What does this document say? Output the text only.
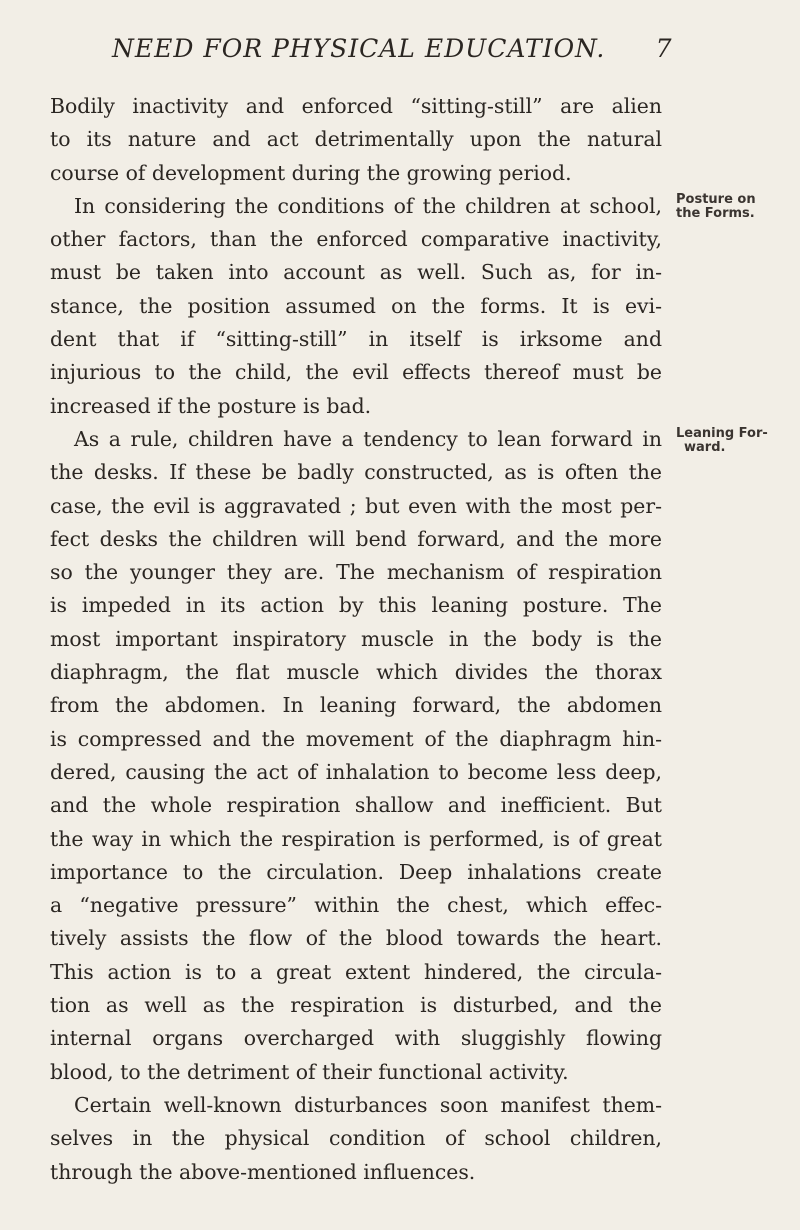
NEED FOR PHYSICAL EDUCATION. 7
Bodily inactivity and enforced “sitting-still” are alien
to its nature and act detrimentally upon the natural
course of development during the growing period.
In considering the conditions of the children at school,
other factors, than the enforced comparative inactivity,
must be taken into account as well. Such as, for in-
stance, the position assumed on the forms. It is evi-
dent that if “sitting-still” in itself is irksome and
injurious to the child, the evil effects thereof must be
increased if the posture is bad.
As a rule, children have a tendency to lean forward in
the desks. If these be badly constructed, as is often the
case, the evil is aggravated ; but even with the most per-
fect desks the children will bend forward, and the more
so the younger they are. The mechanism of respiration
is impeded in its action by this leaning posture. The
most important inspiratory muscle in the body is the
diaphragm, the flat muscle which divides the thorax
from the abdomen. In leaning forward, the abdomen
is compressed and the movement of the diaphragm hin-
dered, causing the act of inhalation to become less deep,
and the whole respiration shallow and inefficient. But
the way in which the respiration is performed, is of great
importance to the circulation. Deep inhalations create
a “negative pressure” within the chest, which effec-
tively assists the flow of the blood towards the heart.
This action is to a great extent hindered, the circula-
tion as well as the respiration is disturbed, and the
internal organs overcharged with sluggishly flowing
blood, to the detriment of their functional activity.
Certain well-known disturbances soon manifest them-
selves in the physical condition of school children,
through the above-mentioned influences.
Posture on
the Forms.
Leaning For-
ward.
